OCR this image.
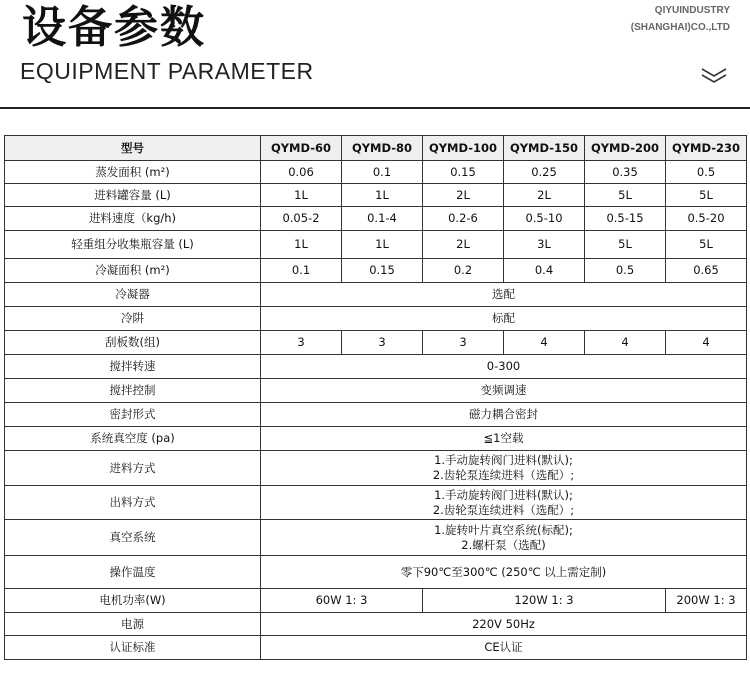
设备参数
EQUIPMENT PARAMETER
QIYUINDUSTRY
(SHANGHAI)CO.,LTD
型号	QYMD-60	QYMD-80	QYMD-100	QYMD-150	QYMD-200	QYMD-230
蒸发面积 (m²)	0.06	0.1	0.15	0.25	0.35	0.5
进料罐容量 (L)	1L	1L	2L	2L	5L	5L
进料速度（kg/h)	0.05-2	0.1-4	0.2-6	0.5-10	0.5-15	0.5-20
轻重组分收集瓶容量 (L)	1L	1L	2L	3L	5L	5L
冷凝面积 (m²)	0.1	0.15	0.2	0.4	0.5	0.65
冷凝器	选配					
冷阱	标配					
刮板数(组)	3	3	3	4	4	4
搅拌转速	0-300					
搅拌控制	变频调速					
密封形式	磁力耦合密封					
系统真空度 (pa)	≦1空载					
进料方式	1.手动旋转阀门进料(默认);
2.齿轮泵连续进料（选配）;					

出料方式	1.手动旋转阀门进料(默认);
2.齿轮泵连续进料（选配）;					

真空系统	1.旋转叶片真空系统(标配);
2.螺杆泵（选配)					

操作温度	零下90℃至300℃ (250℃ 以上需定制)					
电机功率(W)	60W 1: 3		120W 1: 3			200W 1: 3
电源	220V 50Hz					
认证标准	CE认证					
